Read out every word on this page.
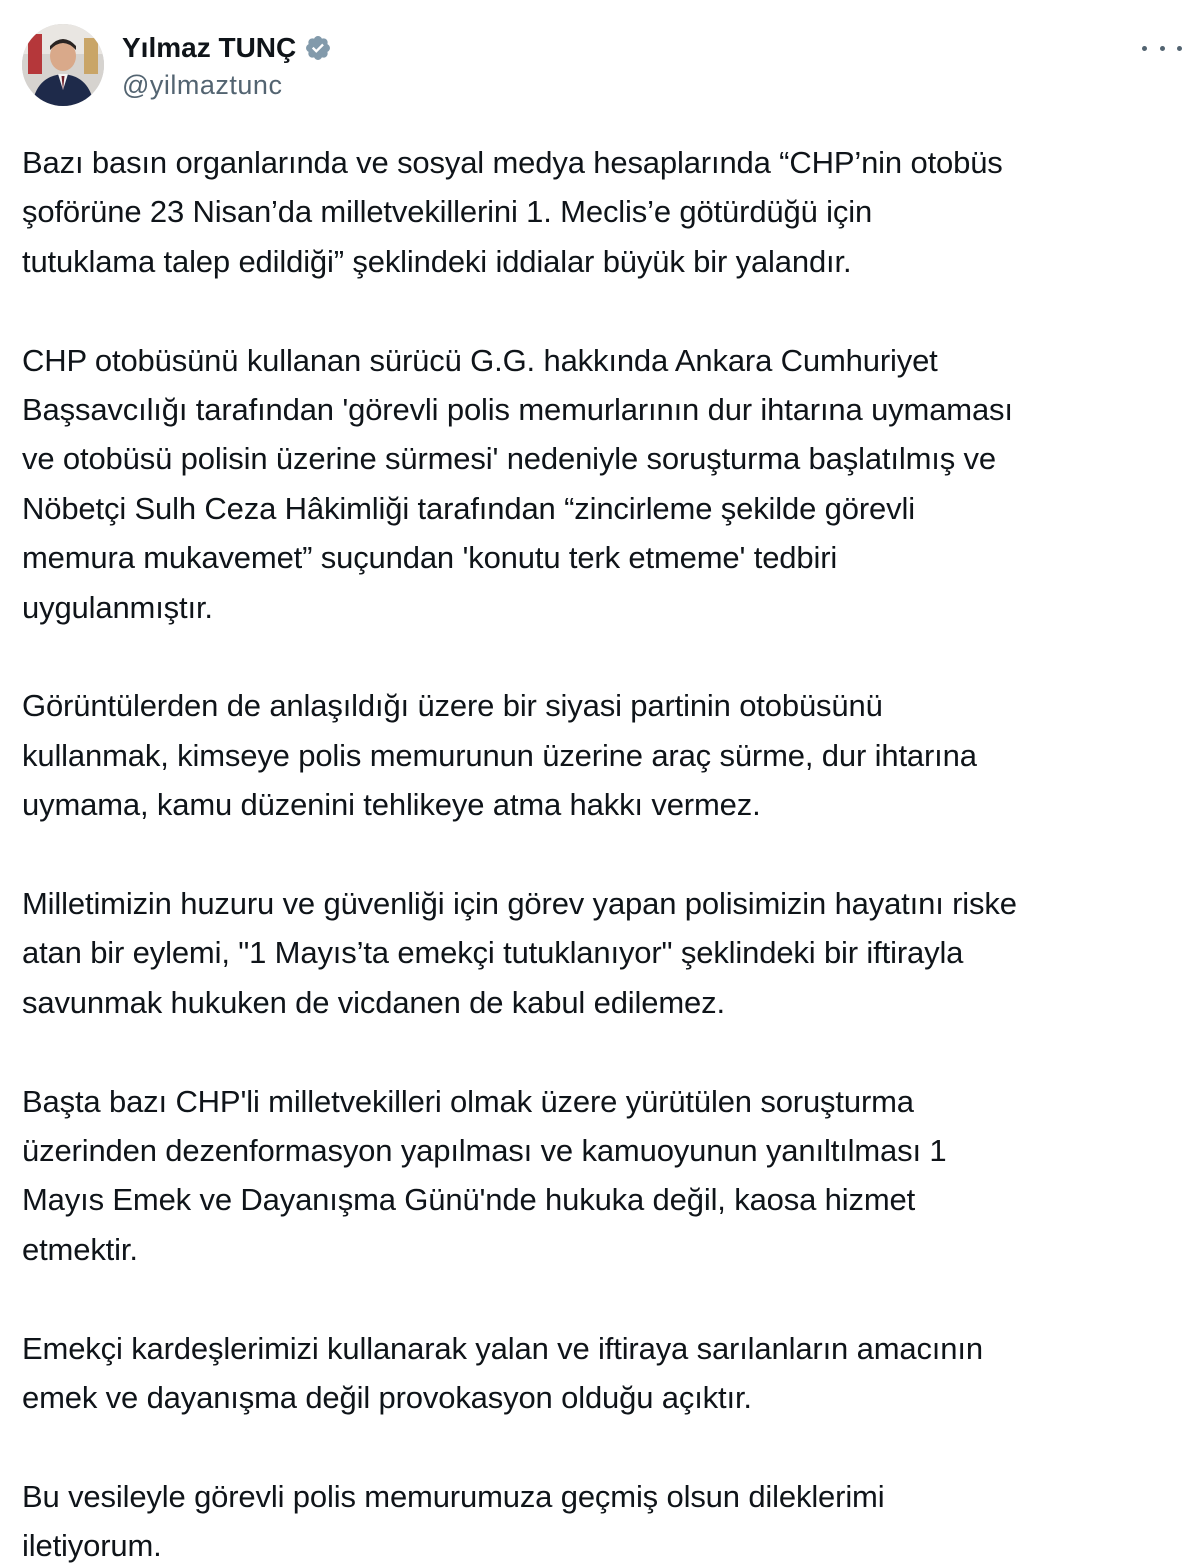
Yılmaz TUNÇ
@yilmaztunc
Bazı basın organlarında ve sosyal medya hesaplarında “CHP’nin otobüs
şoförüne 23 Nisan’da milletvekillerini 1. Meclis’e götürdüğü için
tutuklama talep edildiği” şeklindeki iddialar büyük bir yalandır.
CHP otobüsünü kullanan sürücü G.G. hakkında Ankara Cumhuriyet
Başsavcılığı tarafından 'görevli polis memurlarının dur ihtarına uymaması
ve otobüsü polisin üzerine sürmesi' nedeniyle soruşturma başlatılmış ve
Nöbetçi Sulh Ceza Hâkimliği tarafından “zincirleme şekilde görevli
memura mukavemet” suçundan 'konutu terk etmeme' tedbiri
uygulanmıştır.
Görüntülerden de anlaşıldığı üzere bir siyasi partinin otobüsünü
kullanmak, kimseye polis memurunun üzerine araç sürme, dur ihtarına
uymama, kamu düzenini tehlikeye atma hakkı vermez.
Milletimizin huzuru ve güvenliği için görev yapan polisimizin hayatını riske
atan bir eylemi, "1 Mayıs’ta emekçi tutuklanıyor" şeklindeki bir iftirayla
savunmak hukuken de vicdanen de kabul edilemez.
Başta bazı CHP'li milletvekilleri olmak üzere yürütülen soruşturma
üzerinden dezenformasyon yapılması ve kamuoyunun yanıltılması 1
Mayıs Emek ve Dayanışma Günü'nde hukuka değil, kaosa hizmet
etmektir.
Emekçi kardeşlerimizi kullanarak yalan ve iftiraya sarılanların amacının
emek ve dayanışma değil provokasyon olduğu açıktır.
Bu vesileyle görevli polis memurumuza geçmiş olsun dileklerimi
iletiyorum.
